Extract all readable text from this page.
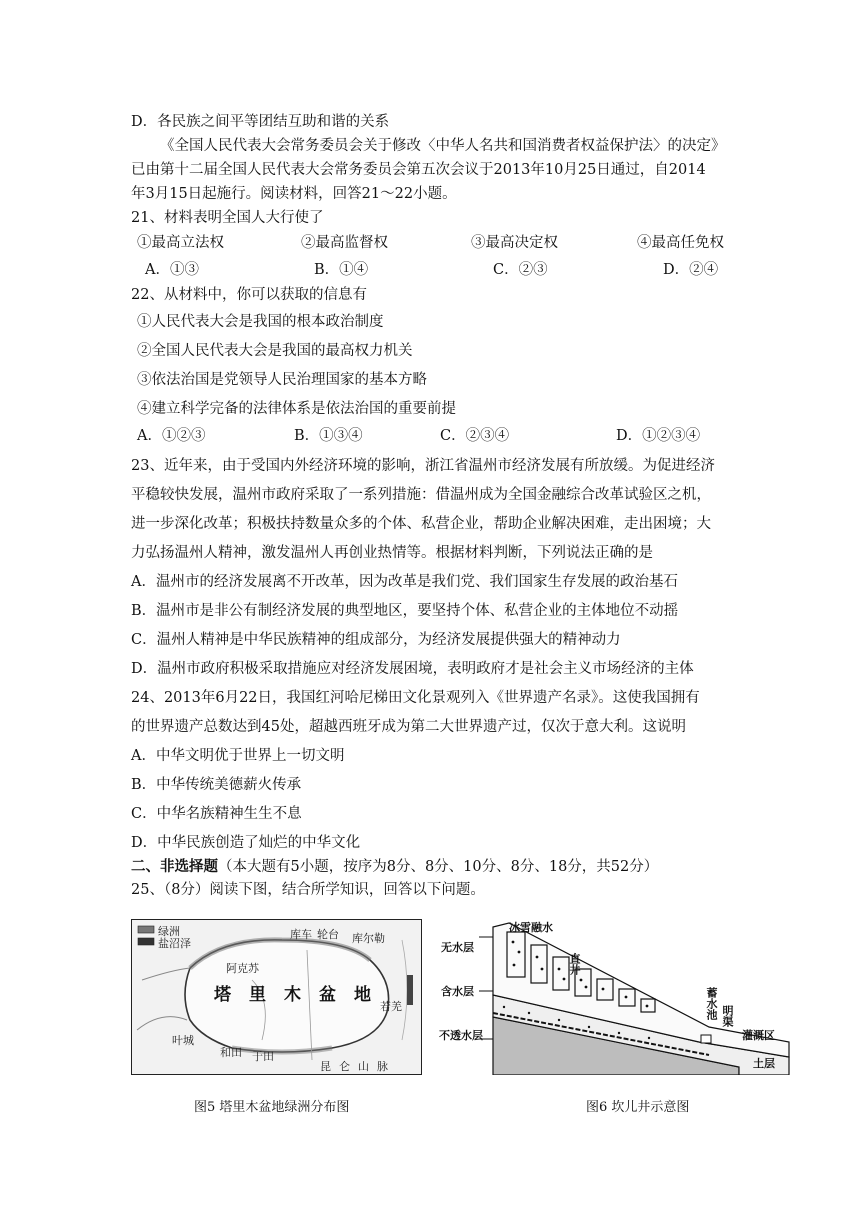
D．各民族之间平等团结互助和谐的关系
《全国人民代表大会常务委员会关于修改〈中华人名共和国消费者权益保护法〉的决定》
已由第十二届全国人民代表大会常务委员会第五次会议于2013年10月25日通过，自2014
年3月15日起施行。阅读材料，回答21～22小题。
21、材料表明全国人大行使了
①最高立法权	②最高监督权	③最高决定权	④最高任免权
A．①③	B．①④	C．②③	D．②④
22、从材料中，你可以获取的信息有
①人民代表大会是我国的根本政治制度
②全国人民代表大会是我国的最高权力机关
③依法治国是党领导人民治理国家的基本方略
④建立科学完备的法律体系是依法治国的重要前提
A．①②③	B．①③④	C．②③④	D．①②③④
23、近年来，由于受国内外经济环境的影响，浙江省温州市经济发展有所放缓。为促进经济
平稳较快发展，温州市政府采取了一系列措施：借温州成为全国金融综合改革试验区之机，
进一步深化改革；积极扶持数量众多的个体、私营企业，帮助企业解决困难，走出困境；大
力弘扬温州人精神，激发温州人再创业热情等。根据材料判断，下列说法正确的是
A．温州市的经济发展离不开改革，因为改革是我们党、我们国家生存发展的政治基石
B．温州市是非公有制经济发展的典型地区，要坚持个体、私营企业的主体地位不动摇
C．温州人精神是中华民族精神的组成部分，为经济发展提供强大的精神动力
D．温州市政府积极采取措施应对经济发展困境，表明政府才是社会主义市场经济的主体
24、2013年6月22日，我国红河哈尼梯田文化景观列入《世界遗产名录》。这使我国拥有
的世界遗产总数达到45处，超越西班牙成为第二大世界遗产过，仅次于意大利。这说明
A．中华文明优于世界上一切文明
B．中华传统美德薪火传承
C．中华名族精神生生不息
D．中华民族创造了灿烂的中华文化
二、非选择题（本大题有5小题，按序为8分、8分、10分、8分、18分，共52分）
25、（8分）阅读下图，结合所学知识，回答以下问题。
绿洲
盐沼泽
塔里木盆地
阿克苏
库车 轮台 库尔勒
若羌
叶城
和田 于田
昆仑山脉
图5 塔里木盆地绿洲分布图
冰雪融水
无水层
含水层
不透水层
直井
蓄水池 明渠
灌溉区
土层
图6 坎儿井示意图
